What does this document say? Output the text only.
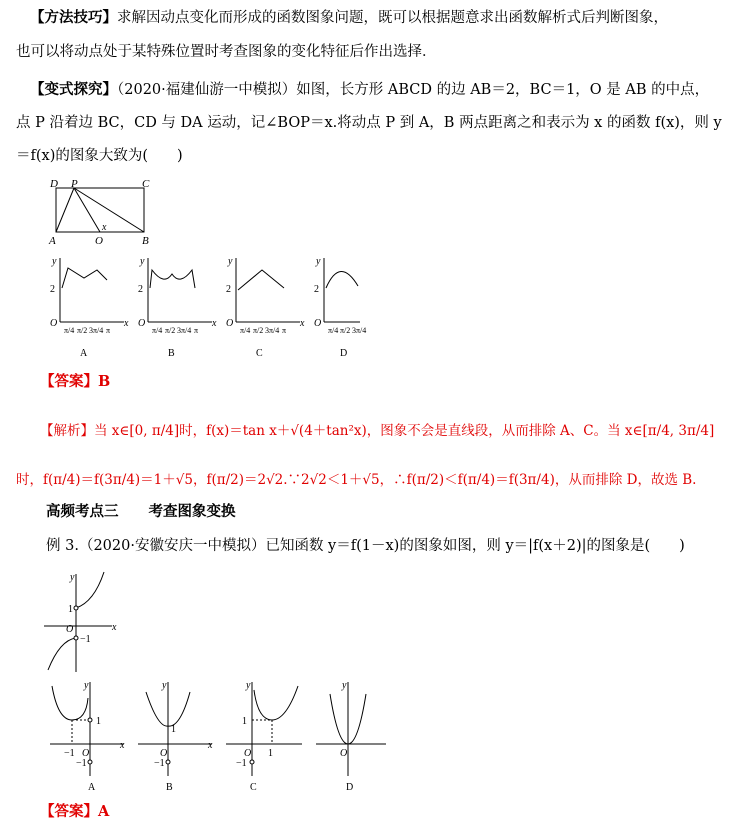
【方法技巧】求解因动点变化而形成的函数图象问题，既可以根据题意求出函数解析式后判断图象，
也可以将动点处于某特殊位置时考查图象的变化特征后作出选择．
【变式探究】（2020·福建仙游一中模拟）如图，长方形 ABCD 的边 AB＝2，BC＝1，O 是 AB 的中点，
点 P 沿着边 BC，CD 与 DA 运动，记∠BOP＝x.将动点 P 到 A，B 两点距离之和表示为 x 的函数 f(x)，则 y
＝f(x)的图象大致为(　　)
D P	C
A	O	B
x
y
2
O	x
π/4 π/2 3π/4 π
A
y
2
O	x
π/4 π/2 3π/4 π
B
y
2
O	x
π/4 π/2 3π/4 π
C
y
2
O
π/4 π/2 3π/4
D
【答案】B
【解析】当 x∈[0, π/4]时，f(x)＝tan x＋√(4＋tan²x)，图象不会是直线段，从而排除 A、C。当 x∈[π/4, 3π/4]
时，f(π/4)＝f(3π/4)＝1＋√5，f(π/2)＝2√2.∵2√2＜1＋√5，∴f(π/2)＜f(π/4)＝f(3π/4)，从而排除 D，故选 B.
高频考点三 考查图象变换
例 3.（2020·安徽安庆一中模拟）已知函数 y＝f(1－x)的图象如图，则 y＝|f(x＋2)|的图象是(　　)
y
x
O
1
−1
y
x
−1 O
1
−1
A
y
x
O
1
−1
B
y
O 1
1
−1
C
y
O
D
【答案】A
